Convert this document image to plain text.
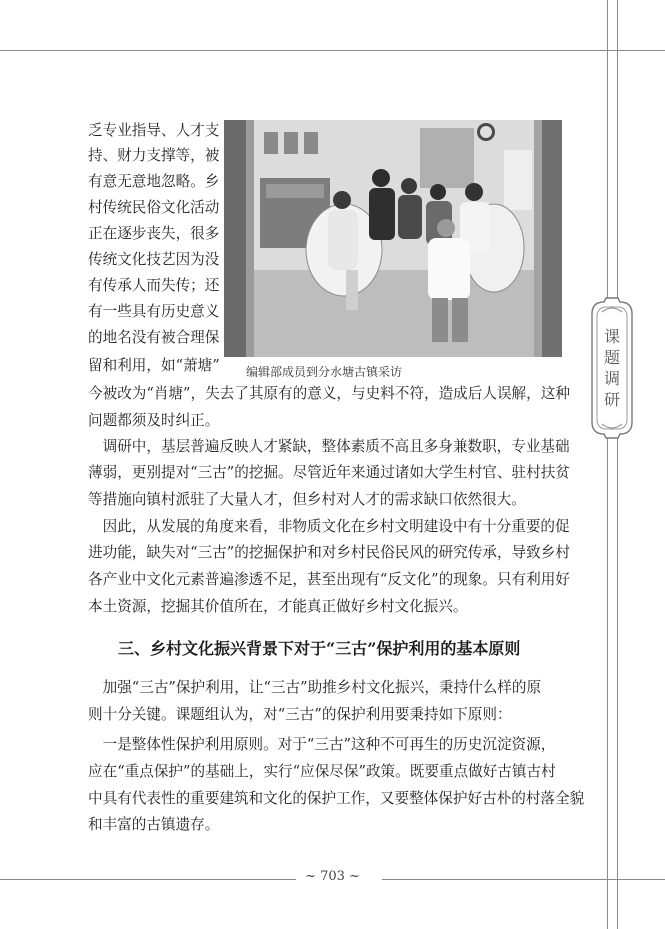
课
题
调
研
编辑部成员到分水塘古镇采访

乏专业指导、人才支

持、财力支撑等，被

有意无意地忽略。乡

村传统民俗文化活动

正在逐步丧失，很多

传统文化技艺因为没

有传承人而失传；还

有一些具有历史意义

的地名没有被合理保

留和利用，如“萧塘”

今被改为“肖塘”，失去了其原有的意义，与史料不符，造成后人误解，这种

问题都须及时纠正。

　调研中，基层普遍反映人才紧缺，整体素质不高且多身兼数职，专业基础

薄弱，更别提对“三古”的挖掘。尽管近年来通过诸如大学生村官、驻村扶贫

等措施向镇村派驻了大量人才，但乡村对人才的需求缺口依然很大。

　因此，从发展的角度来看，非物质文化在乡村文明建设中有十分重要的促

进功能，缺失对“三古”的挖掘保护和对乡村民俗民风的研究传承，导致乡村

各产业中文化元素普遍渗透不足，甚至出现有“反文化”的现象。只有利用好

本土资源，挖掘其价值所在，才能真正做好乡村文化振兴。

三、乡村文化振兴背景下对于“三古”保护利用的基本原则

　加强“三古”保护利用，让“三古”助推乡村文化振兴，秉持什么样的原

则十分关键。课题组认为，对“三古”的保护利用要秉持如下原则：

　一是整体性保护利用原则。对于“三古”这种不可再生的历史沉淀资源，

应在“重点保护”的基础上，实行“应保尽保”政策。既要重点做好古镇古村

中具有代表性的重要建筑和文化的保护工作，又要整体保护好古朴的村落全貌

和丰富的古镇遗存。

~ 703 ~
